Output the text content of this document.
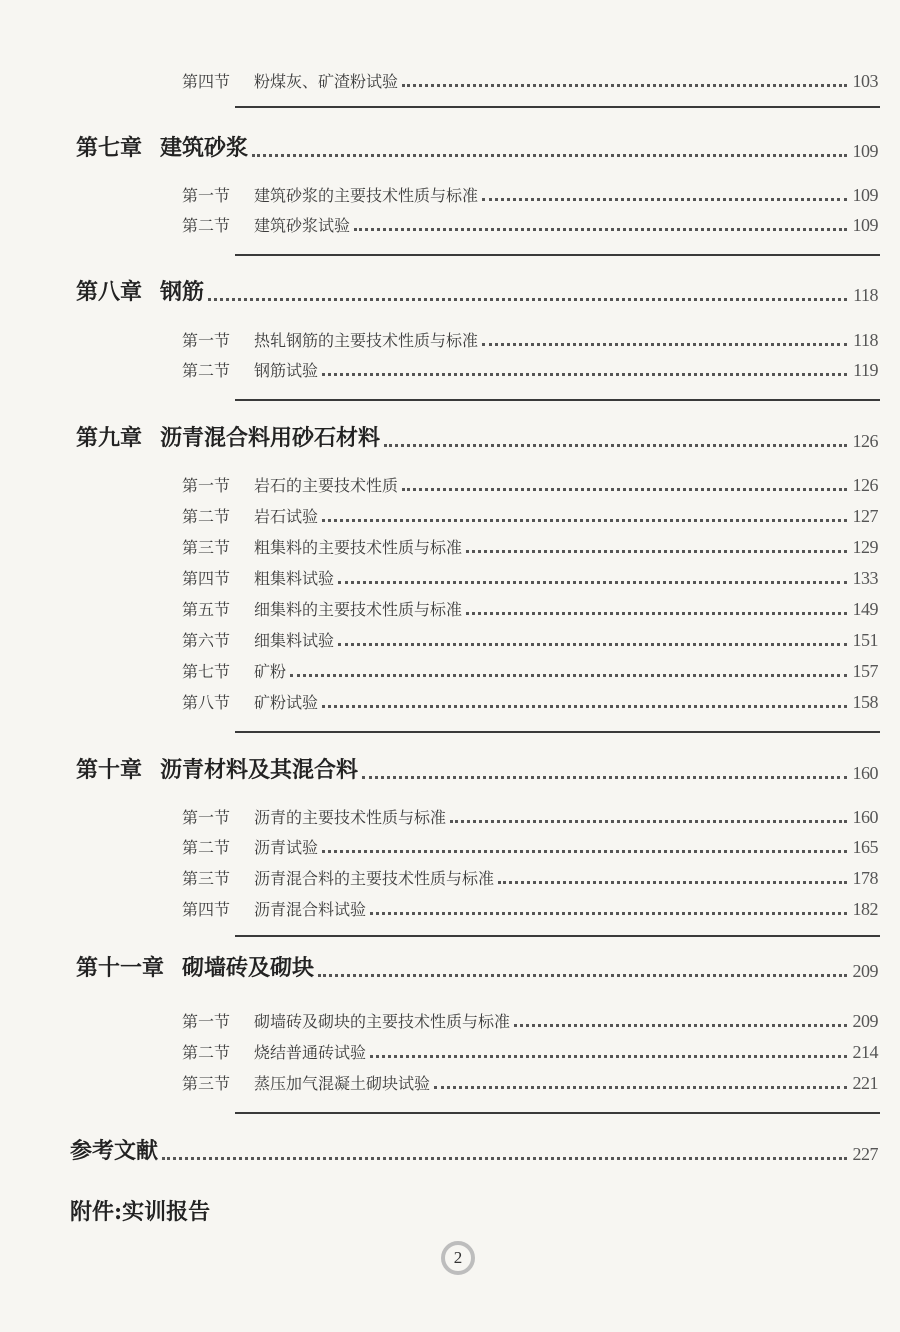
第四节 粉煤灰、矿渣粉试验	103
第七章 建筑砂浆	109
第一节 建筑砂浆的主要技术性质与标准	109
第二节 建筑砂浆试验	109
第八章 钢筋	118
第一节 热轧钢筋的主要技术性质与标准	118
第二节 钢筋试验	119
第九章 沥青混合料用砂石材料	126
第一节 岩石的主要技术性质	126
第二节 岩石试验	127
第三节 粗集料的主要技术性质与标准	129
第四节 粗集料试验	133
第五节 细集料的主要技术性质与标准	149
第六节 细集料试验	151
第七节 矿粉	157
第八节 矿粉试验	158
第十章 沥青材料及其混合料	160
第一节 沥青的主要技术性质与标准	160
第二节 沥青试验	165
第三节 沥青混合料的主要技术性质与标准	178
第四节 沥青混合料试验	182
第十一章 砌墙砖及砌块	209
第一节 砌墙砖及砌块的主要技术性质与标准	209
第二节 烧结普通砖试验	214
第三节 蒸压加气混凝土砌块试验	221
参考文献	227
附件:实训报告
2
